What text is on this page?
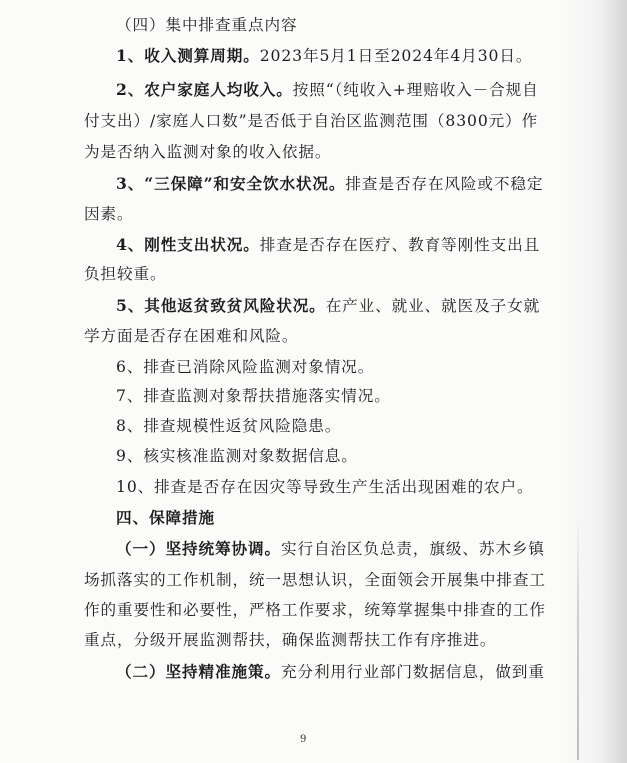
（四）集中排查重点内容
1、收入测算周期。2023年5月1日至2024年4月30日。
2、农户家庭人均收入。按照“（纯收入+理赔收入－合规自
付支出）/家庭人口数”是否低于自治区监测范围（8300元）作
为是否纳入监测对象的收入依据。
3、“三保障”和安全饮水状况。排查是否存在风险或不稳定
因素。
4、刚性支出状况。排查是否存在医疗、教育等刚性支出且
负担较重。
5、其他返贫致贫风险状况。在产业、就业、就医及子女就
学方面是否存在困难和风险。
6、排查已消除风险监测对象情况。
7、排查监测对象帮扶措施落实情况。
8、排查规模性返贫风险隐患。
9、核实核准监测对象数据信息。
10、排查是否存在因灾等导致生产生活出现困难的农户。
四、保障措施
（一）坚持统筹协调。实行自治区负总责，旗级、苏木乡镇
场抓落实的工作机制，统一思想认识，全面领会开展集中排查工
作的重要性和必要性，严格工作要求，统筹掌握集中排查的工作
重点，分级开展监测帮扶，确保监测帮扶工作有序推进。
（二）坚持精准施策。充分利用行业部门数据信息，做到重
9
